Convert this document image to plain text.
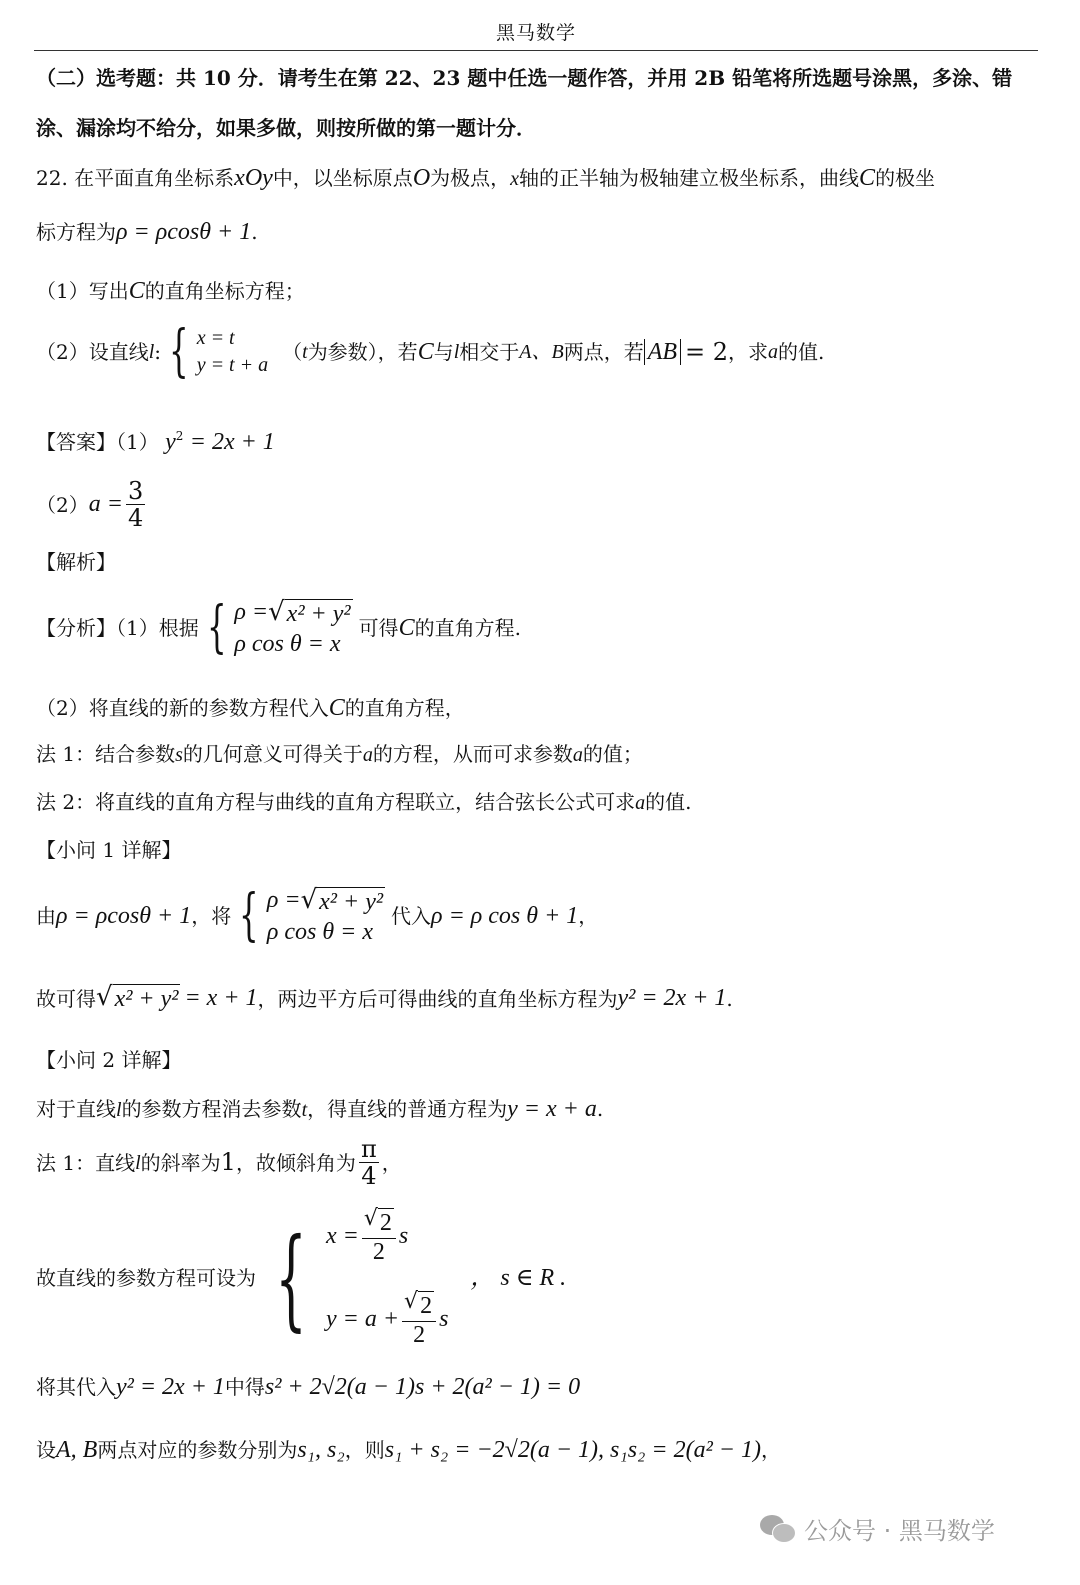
黑马数学
（二）选考题：共 10 分．请考生在第 22、23 题中任选一题作答，并用 2B 铅笔将所选题号涂黑，多涂、错
涂、漏涂均不给分，如果多做，则按所做的第一题计分．
22. 在平面直角坐标系xOy中，以坐标原点O为极点，x轴的正半轴为极轴建立极坐标系，曲线C的极坐
标方程为ρ = ρcosθ + 1.
（1）写出C的直角坐标方程；
（2）设直线 l : { x = t
y = t + a
（ t 为参数），若 C 与 l 相交于 A、B 两点，若 AB = 2 ，求 a 的值.
【答案】（1） $y^2 = 2x + 1$
（2） $a = \frac{3}{4}$
【解析】
【分析】（1）根据 { ρ = √ x² + y²
ρ cos θ = x
可得 C 的直角方程.
（2）将直线的新的参数方程代入C的直角方程，
法 1：结合参数s的几何意义可得关于a的方程，从而可求参数a的值；
法 2：将直线的直角方程与曲线的直角方程联立，结合弦长公式可求a的值.
【小问 1 详解】
由 ρ = ρcosθ + 1 ，将 { ρ = √ x² + y²
ρ cos θ = x
代入 ρ = ρ cos θ + 1 ，
故可得 √ x² + y² = x + 1 ，两边平方后可得曲线的直角坐标方程为 y² = 2x + 1 .
【小问 2 详解】
对于直线l的参数方程消去参数t，得直线的普通方程为y = x + a.
法 1：直线 l 的斜率为 1 ，故倾斜角为 $\frac{\pi}{4}$ ，
故直线的参数方程可设为 { $x = \frac{√ 2}{2}$ s
$y = a + \frac{√ 2}{2}$ s
， s ∈ R .
将其代入y² = 2x + 1中得s² + 2√2(a − 1)s + 2(a² − 1) = 0
设A, B两点对应的参数分别为s₁, s₂，则s₁ + s₂ = −2√2(a − 1), s₁s₂ = 2(a² − 1)，
公众号 · 黑马数学
